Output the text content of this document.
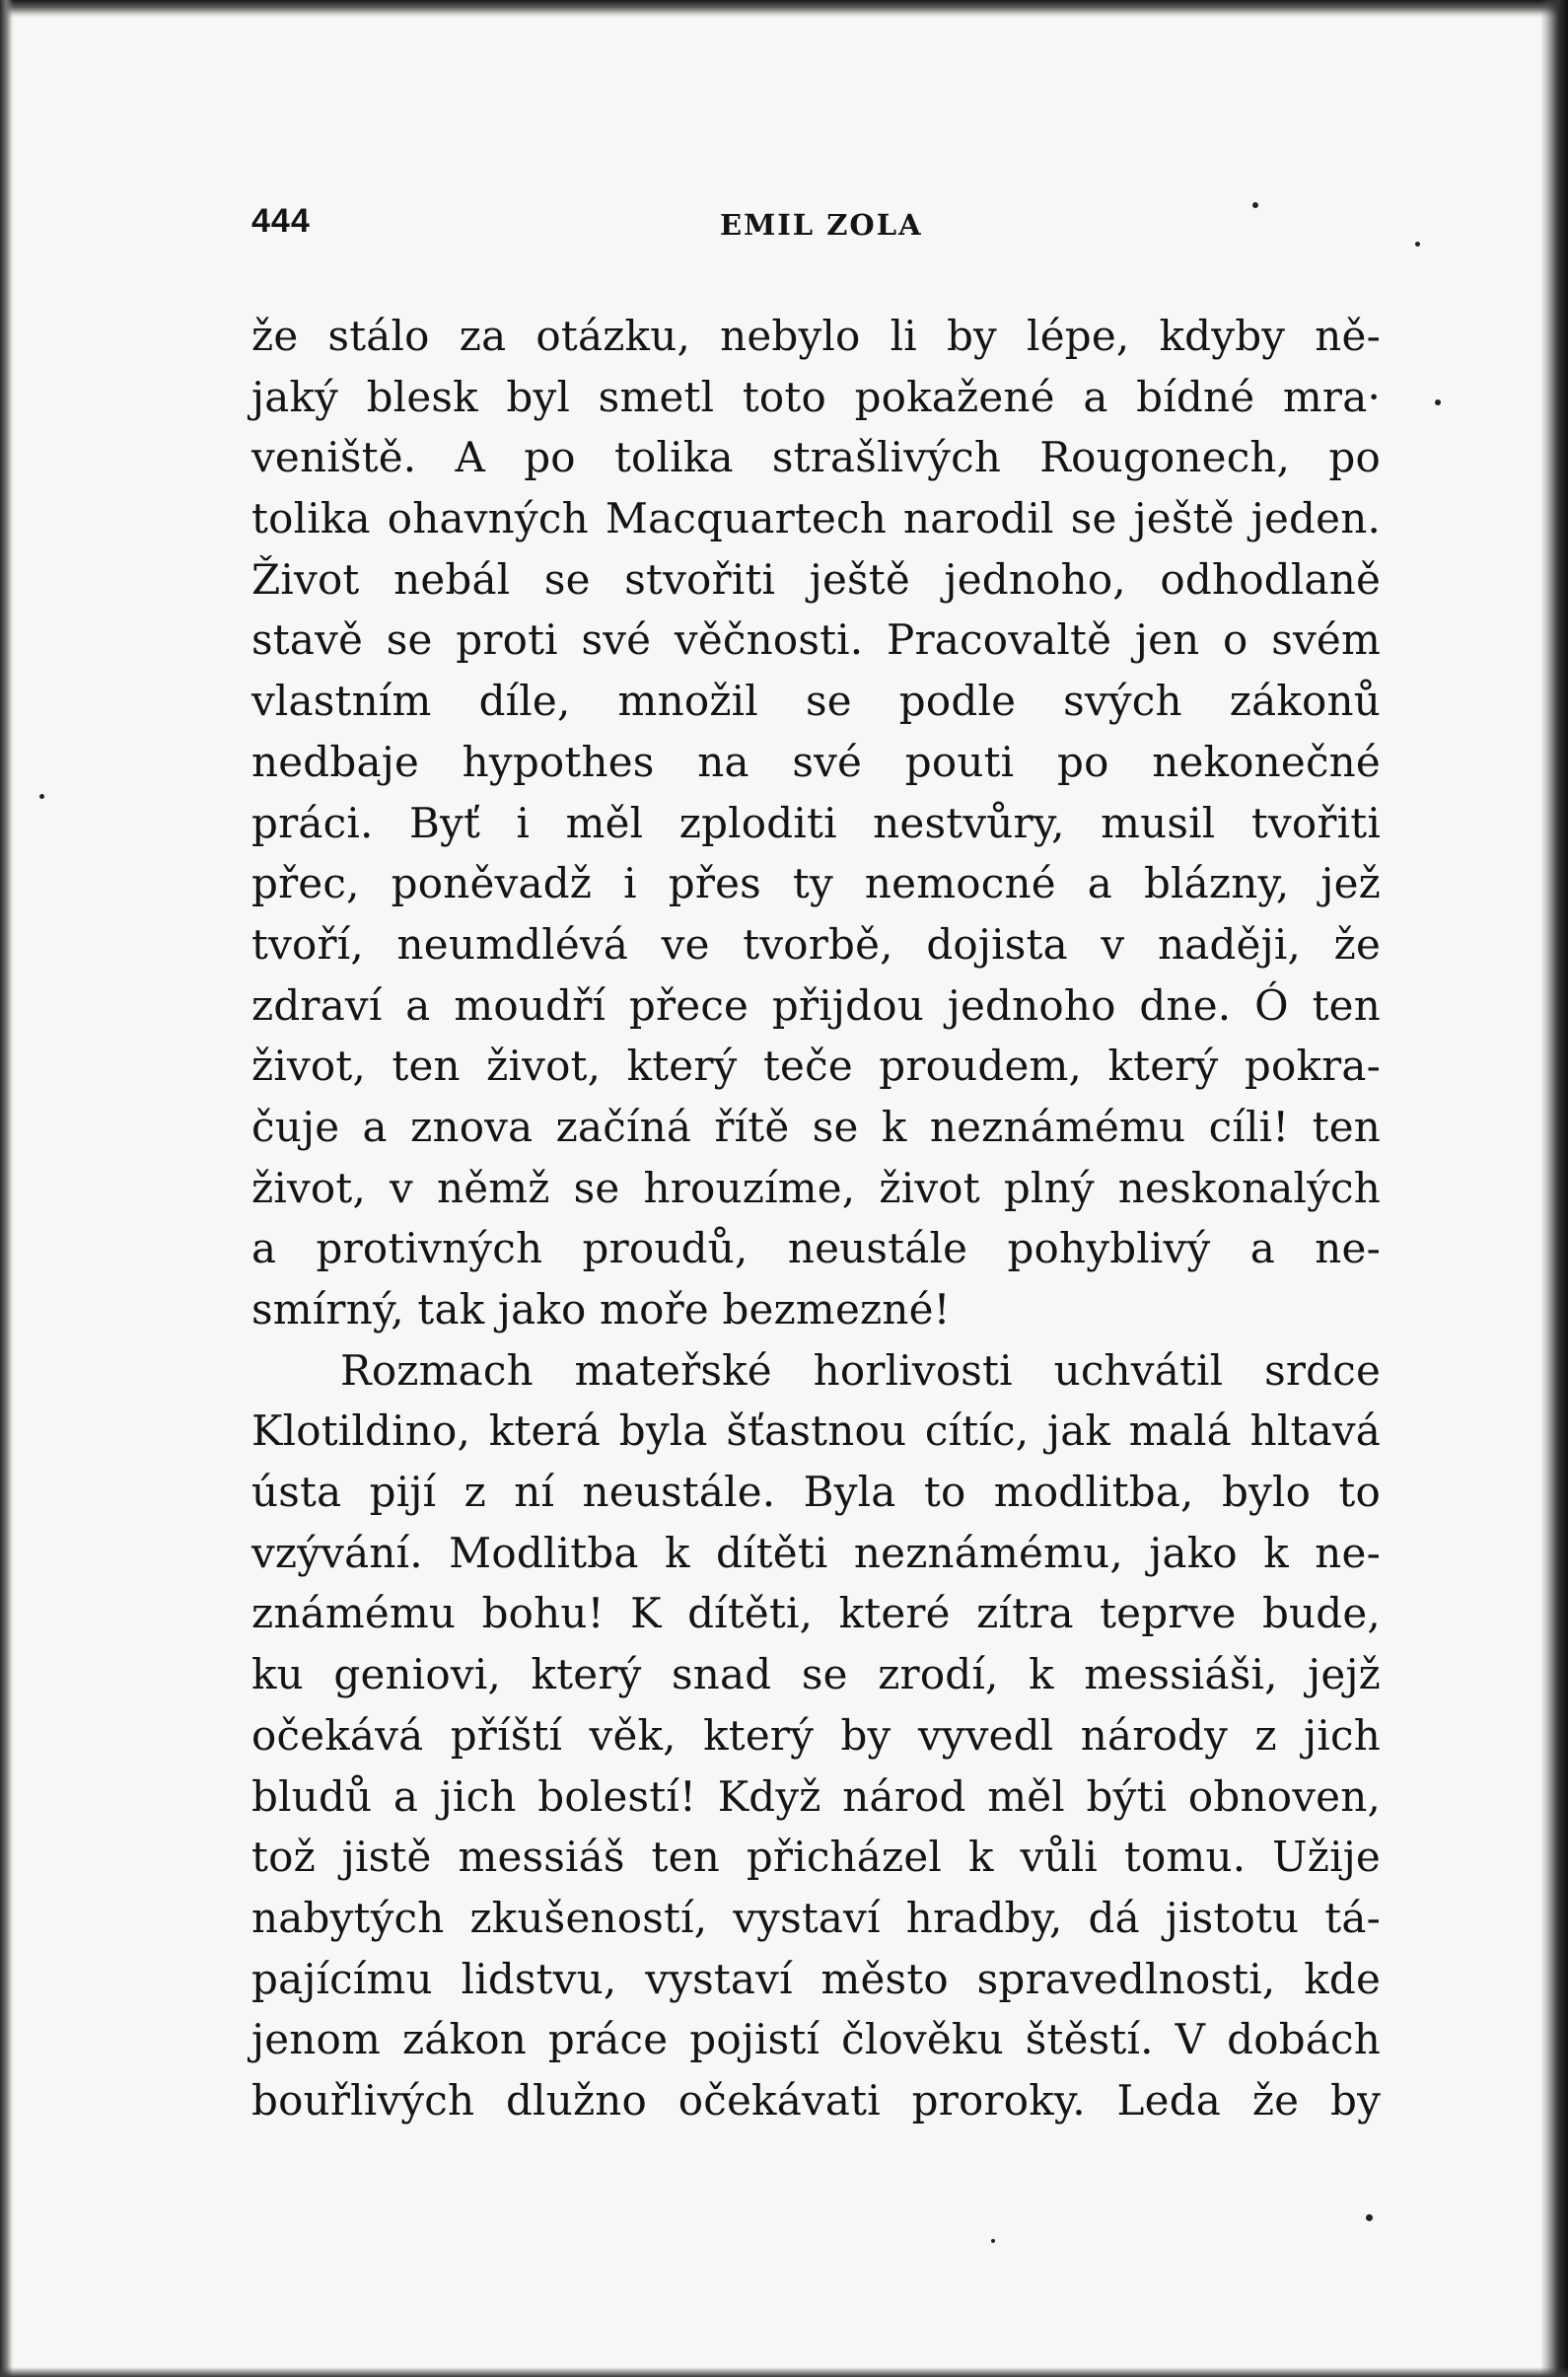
444	EMIL ZOLA
že stálo za otázku, nebylo li by lépe, kdyby ně-
jaký blesk byl smetl toto pokažené a bídné mra·
veniště. A po tolika strašlivých Rougonech, po
tolika ohavných Macquartech narodil se ještě jeden.
Život nebál se stvořiti ještě jednoho, odhodlaně
stavě se proti své věčnosti. Pracovaltě jen o svém
vlastním díle, množil se podle svých zákonů
nedbaje hypothes na své pouti po nekonečné
práci. Byť i měl zploditi nestvůry, musil tvořiti
přec, poněvadž i přes ty nemocné a blázny, jež
tvoří, neumdlévá ve tvorbě, dojista v naději, že
zdraví a moudří přece přijdou jednoho dne. Ó ten
život, ten život, který teče proudem, který pokra-
čuje a znova začíná řítě se k neznámému cíli! ten
život, v němž se hrouzíme, život plný neskonalých
a protivných proudů, neustále pohyblivý a ne-
smírný, tak jako moře bezmezné!
Rozmach mateřské horlivosti uchvátil srdce
Klotildino, která byla šťastnou cítíc, jak malá hltavá
ústa pijí z ní neustále. Byla to modlitba, bylo to
vzývání. Modlitba k dítěti neznámému, jako k ne-
známému bohu! K dítěti, které zítra teprve bude,
ku geniovi, který snad se zrodí, k messiáši, jejž
očekává příští věk, který by vyvedl národy z jich
bludů a jich bolestí! Když národ měl býti obnoven,
tož jistě messiáš ten přicházel k vůli tomu. Užije
nabytých zkušeností, vystaví hradby, dá jistotu tá-
pajícímu lidstvu, vystaví město spravedlnosti, kde
jenom zákon práce pojistí člověku štěstí. V dobách
bouřlivých dlužno očekávati proroky. Leda že by
